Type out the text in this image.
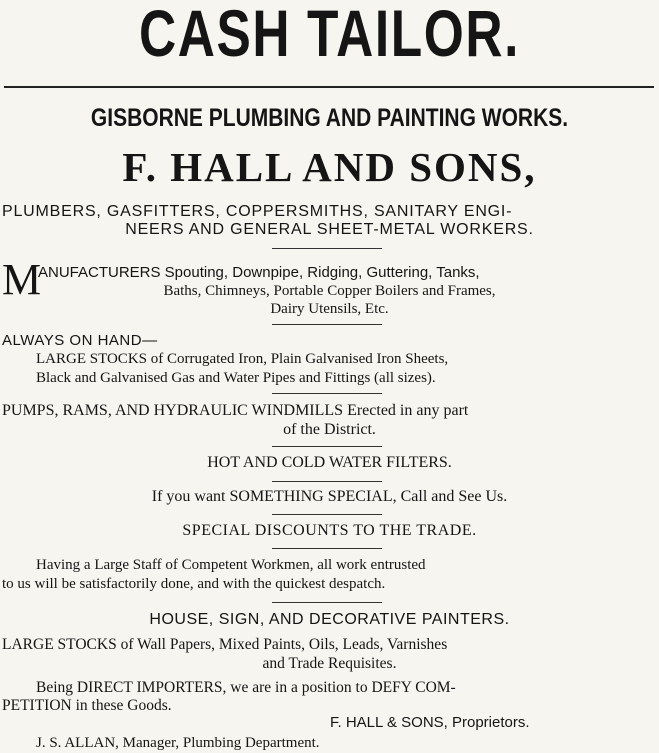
CASH TAILOR.
GISBORNE PLUMBING AND PAINTING WORKS.
F. HALL AND SONS,
PLUMBERS, GASFITTERS, COPPERSMITHS, SANITARY ENGI-
NEERS AND GENERAL SHEET-METAL WORKERS.
M
ANUFACTURERS Spouting, Downpipe, Ridging, Guttering, Tanks,
Baths, Chimneys, Portable Copper Boilers and Frames,
Dairy Utensils, Etc.
ALWAYS ON HAND—
LARGE STOCKS of Corrugated Iron, Plain Galvanised Iron Sheets,
Black and Galvanised Gas and Water Pipes and Fittings (all sizes).
PUMPS, RAMS, AND HYDRAULIC WINDMILLS Erected in any part
of the District.
HOT AND COLD WATER FILTERS.
If you want SOMETHING SPECIAL, Call and See Us.
SPECIAL DISCOUNTS TO THE TRADE.
Having a Large Staff of Competent Workmen, all work entrusted
to us will be satisfactorily done, and with the quickest despatch.
HOUSE, SIGN, AND DECORATIVE PAINTERS.
LARGE STOCKS of Wall Papers, Mixed Paints, Oils, Leads, Varnishes
and Trade Requisites.
Being DIRECT IMPORTERS, we are in a position to DEFY COM-
PETITION in these Goods.
F. HALL & SONS, Proprietors.
J. S. ALLAN, Manager, Plumbing Department.
